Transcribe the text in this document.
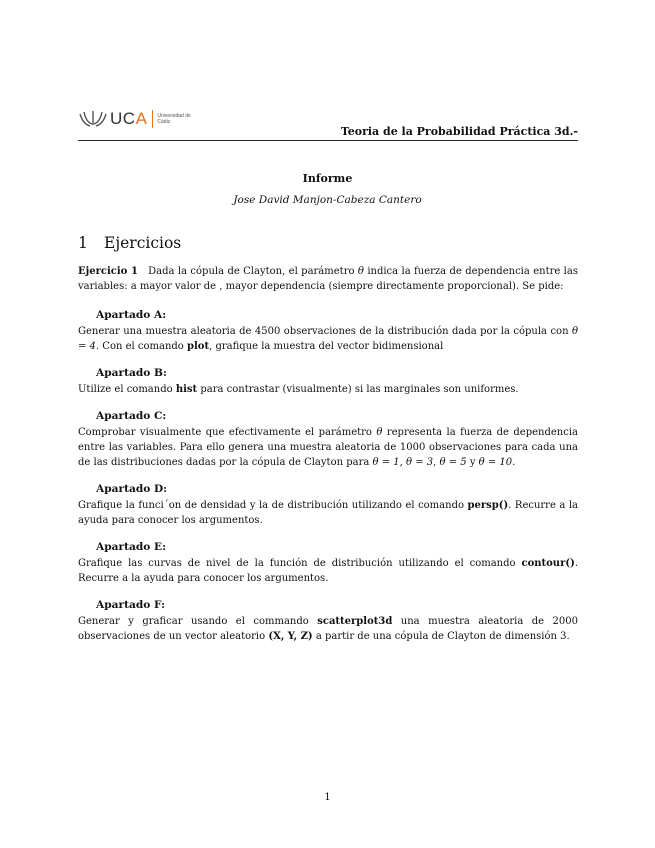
UCA Universidad de Cádiz
Teoria de la Probabilidad Práctica 3d.-
Informe
Jose David Manjon-Cabeza Cantero
1 Ejercicios

Ejercicio 1 Dada la cópula de Clayton, el parámetro θ indica la fuerza de dependencia entre las variables: a mayor valor de , mayor dependencia (siempre directamente proporcional). Se pide:

Apartado A:

Generar una muestra aleatoria de 4500 observaciones de la distribución dada por la cópula con θ = 4. Con el comando plot, grafique la muestra del vector bidimensional

Apartado B:

Utilize el comando hist para contrastar (visualmente) si las marginales son uniformes.

Apartado C:

Comprobar visualmente que efectivamente el parámetro θ representa la fuerza de dependencia entre las variables. Para ello genera una muestra aleatoria de 1000 observaciones para cada una de las distribuciones dadas por la cópula de Clayton para θ = 1, θ = 3, θ = 5 y θ = 10.

Apartado D:

Grafique la funci´on de densidad y la de distribución utilizando el comando persp(). Recurre a la ayuda para conocer los argumentos.

Apartado E:

Grafique las curvas de nivel de la función de distribución utilizando el comando contour(). Recurre a la ayuda para conocer los argumentos.

Apartado F:

Generar y graficar usando el commando scatterplot3d una muestra aleatoria de 2000 observaciones de un vector aleatorio (X, Y, Z) a partir de una cópula de Clayton de dimensión 3.

1
